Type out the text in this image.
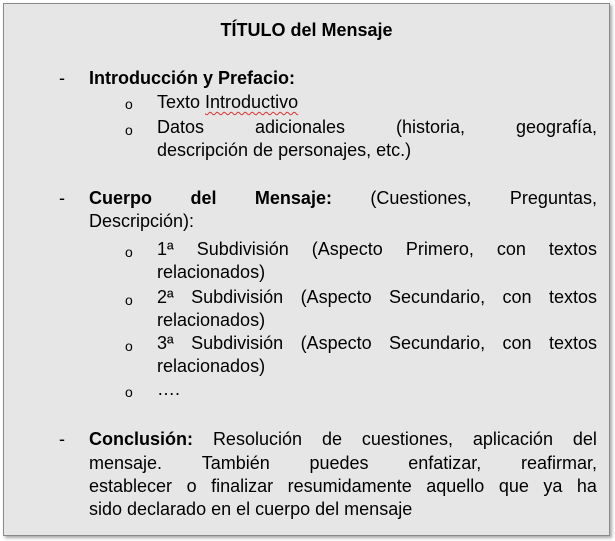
TÍTULO del Mensaje
- Introducción y Prefacio:
o Texto Introductivo
o Datos	adicionales	(historia,	geografía,
descripción de personajes, etc.)
- Cuerpo del Mensaje: (Cuestiones, Preguntas,
Descripción):
o 1ª Subdivisión (Aspecto Primero, con textos
relacionados)
o 2ª Subdivisión (Aspecto Secundario, con textos
relacionados)
o 3ª Subdivisión (Aspecto Secundario, con textos
relacionados)
o ….
- Conclusión: Resolución de cuestiones, aplicación del
mensaje. También puedes enfatizar, reafirmar,
establecer o finalizar resumidamente aquello que ya ha
sido declarado en el cuerpo del mensaje
